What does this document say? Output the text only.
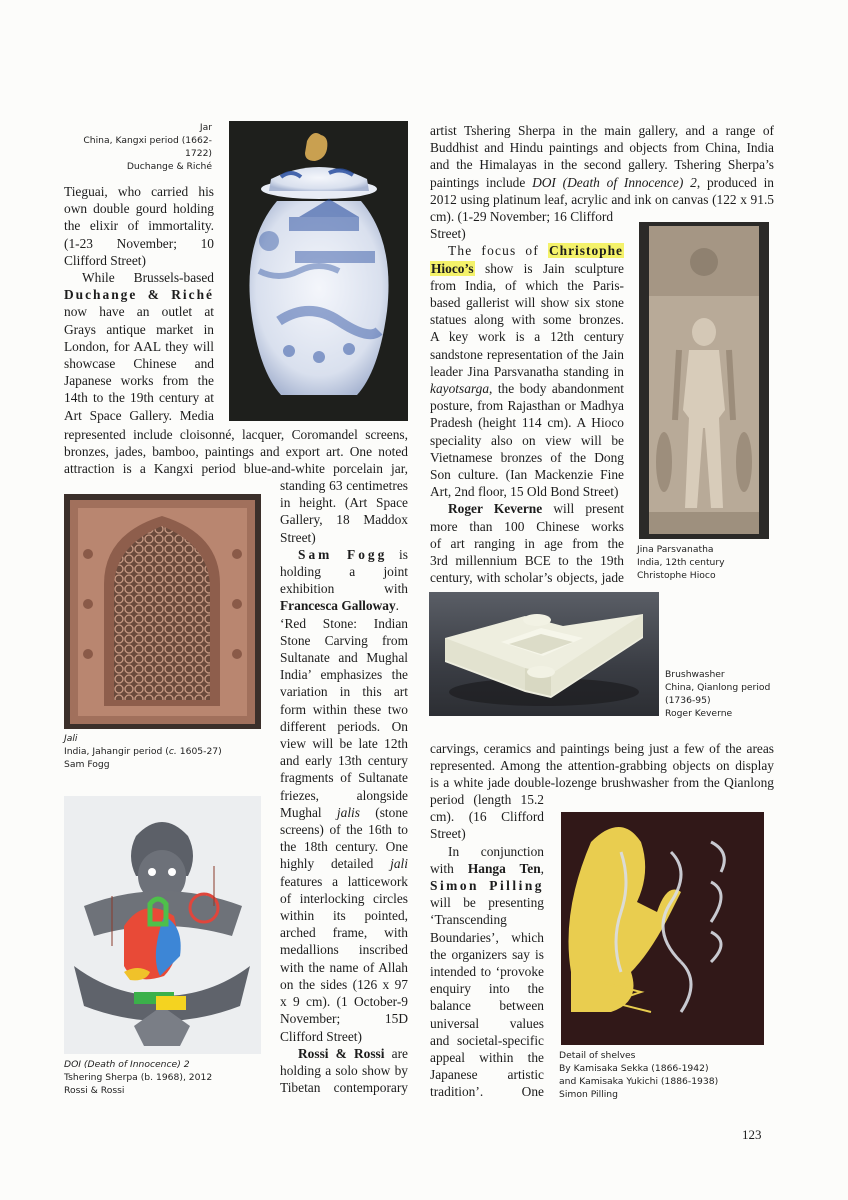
Jar
China, Kangxi period (1662-1722)
Duchange & Riché
Tieguai, who carried his
own double gourd holding
the elixir of immortality.
(1-23 November; 10
Clifford Street)
While Brussels-based
Duchange & Riché
now have an outlet at
Grays antique market in
London, for AAL they will
showcase Chinese and
Japanese works from the
14th to the 19th century at
Art Space Gallery. Media
represented include cloisonné, lacquer, Coromandel screens,
bronzes, jades, bamboo, paintings and export art. One noted
attraction is a Kangxi period blue-and-white porcelain jar,
Jali
India, Jahangir period (c. 1605-27)
Sam Fogg
DOI (Death of Innocence) 2
Tshering Sherpa (b. 1968), 2012
Rossi & Rossi
standing 63 centimetres
in height. (Art Space
Gallery, 18 Maddox
Street)
Sam Fogg is
holding a joint
exhibition with
Francesca Galloway.
‘Red Stone: Indian
Stone Carving from
Sultanate and Mughal
India’ emphasizes the
variation in this art
form within these two
different periods. On
view will be late 12th
and early 13th century
fragments of Sultanate
friezes, alongside
Mughal jalis (stone
screens) of the 16th to
the 18th century. One
highly detailed jali
features a latticework
of interlocking circles
within its pointed,
arched frame, with
medallions inscribed
with the name of Allah
on the sides (126 x 97
x 9 cm). (1 October-9
November; 15D
Clifford Street)
Rossi & Rossi are
holding a solo show by
Tibetan contemporary
artist Tshering Sherpa in the main gallery, and a range of
Buddhist and Hindu paintings and objects from China, India
and the Himalayas in the second gallery. Tshering Sherpa’s
paintings include DOI (Death of Innocence) 2, produced in
2012 using platinum leaf, acrylic and ink on canvas (122 x 91.5
cm). (1-29 November; 16 Clifford
Street)
The focus of Christophe
Hioco’s show is Jain sculpture
from India, of which the Paris-
based gallerist will show six stone
statues along with some bronzes.
A key work is a 12th century
sandstone representation of the Jain
leader Jina Parsvanatha standing in
kayotsarga, the body abandonment
posture, from Rajasthan or Madhya
Pradesh (height 114 cm). A Hioco
speciality also on view will be
Vietnamese bronzes of the Dong
Son culture. (Ian Mackenzie Fine
Art, 2nd floor, 15 Old Bond Street)
Roger Keverne will present
more than 100 Chinese works
of art ranging in age from the
3rd millennium BCE to the 19th
century, with scholar’s objects, jade
Jina Parsvanatha
India, 12th century
Christophe Hioco
Brushwasher
China, Qianlong period
(1736-95)
Roger Keverne
carvings, ceramics and paintings being just a few of the areas
represented. Among the attention-grabbing objects on display
is a white jade double-lozenge brushwasher from the Qianlong
period (length 15.2
cm). (16 Clifford
Street)
In conjunction
with Hanga Ten,
Simon Pilling
will be presenting
‘Transcending
Boundaries’, which
the organizers say is
intended to ‘provoke
enquiry into the
balance between
universal values
and societal-specific
appeal within the
Japanese artistic
tradition’. One
Detail of shelves
By Kamisaka Sekka (1866-1942)
and Kamisaka Yukichi (1886-1938)
Simon Pilling
123
